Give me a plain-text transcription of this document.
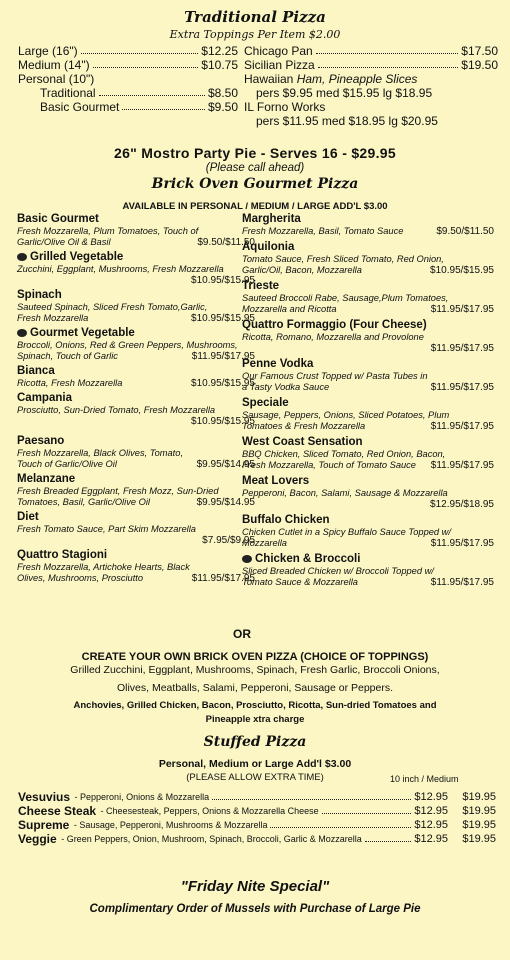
Traditional Pizza
Extra Toppings Per Item $2.00
Large (16")	$12.25
Medium (14")	$10.75
Personal (10")
Traditional	$8.50
Basic Gourmet	$9.50
Chicago Pan	$17.50
Sicilian Pizza	$19.50
Hawaiian Ham, Pineapple Slices
pers $9.95 med $15.95 lg $18.95
IL Forno Works
pers $11.95 med $18.95 lg $20.95
26" Mostro Party Pie - Serves 16 - $29.95
(Please call ahead)
Brick Oven Gourmet Pizza
AVAILABLE IN PERSONAL / MEDIUM / LARGE ADD'L $3.00
Basic Gourmet
Fresh Mozzarella, Plum Tomatoes, Touch of
Garlic/Olive Oil & Basil	$9.50/$11.50
Grilled Vegetable
Zucchini, Eggplant, Mushrooms, Fresh Mozzarella
$10.95/$15.95
Spinach
Sauteed Spinach, Sliced Fresh Tomato,Garlic,
Fresh Mozzarella	$10.95/$15.95
Gourmet Vegetable
Broccoli, Onions, Red & Green Peppers, Mushrooms,
Spinach, Touch of Garlic	$11.95/$17.95
Bianca
Ricotta, Fresh Mozzarella	$10.95/$15.95
Campania
Prosciutto, Sun-Dried Tomato, Fresh Mozzarella
$10.95/$15.95
Paesano
Fresh Mozzarella, Black Olives, Tomato,
Touch of Garlic/Olive Oil	$9.95/$14.95
Melanzane
Fresh Breaded Eggplant, Fresh Mozz, Sun-Dried
Tomatoes, Basil, Garlic/Olive Oil	$9.95/$14.95
Diet
Fresh Tomato Sauce, Part Skim Mozzarella
$7.95/$9.95
Quattro Stagioni
Fresh Mozzarella, Artichoke Hearts, Black
Olives, Mushrooms, Prosciutto	$11.95/$17.95
Margherita
Fresh Mozzarella, Basil, Tomato Sauce	$9.50/$11.50
Aquilonia
Tomato Sauce, Fresh Sliced Tomato, Red Onion,
Garlic/Oil, Bacon, Mozzarella	$10.95/$15.95
Trieste
Sauteed Broccoli Rabe, Sausage,Plum Tomatoes,
Mozzarella and Ricotta	$11.95/$17.95
Quattro Formaggio (Four Cheese)
Ricotta, Romano, Mozzarella and Provolone
$11.95/$17.95
Penne Vodka
Our Famous Crust Topped w/ Pasta Tubes in
a Tasty Vodka Sauce	$11.95/$17.95
Speciale
Sausage, Peppers, Onions, Sliced Potatoes, Plum
Tomatoes & Fresh Mozzarella	$11.95/$17.95
West Coast Sensation
BBQ Chicken, Sliced Tomato, Red Onion, Bacon,
Fresh Mozzarella, Touch of Tomato Sauce $11.95/$17.95
Meat Lovers
Pepperoni, Bacon, Salami, Sausage & Mozzarella
$12.95/$18.95
Buffalo Chicken
Chicken Cutlet in a Spicy Buffalo Sauce Topped w/
Mozzarella	$11.95/$17.95
Chicken & Broccoli
Sliced Breaded Chicken w/ Broccoli Topped w/
Tomato Sauce & Mozzarella	$11.95/$17.95
OR
CREATE YOUR OWN BRICK OVEN PIZZA (CHOICE OF TOPPINGS)
Grilled Zucchini, Eggplant, Mushrooms, Spinach, Fresh Garlic, Broccoli Onions,
Olives, Meatballs, Salami, Pepperoni, Sausage or Peppers.
Anchovies, Grilled Chicken, Bacon, Prosciutto, Ricotta, Sun-dried Tomatoes and
Pineapple xtra charge
Stuffed Pizza
Personal, Medium or Large Add'l $3.00
(PLEASE ALLOW EXTRA TIME)	10 inch / Medium
Vesuvius - Pepperoni, Onions & Mozzarella	$12.95	$19.95
Cheese Steak - Cheesesteak, Peppers, Onions & Mozzarella Cheese	$12.95	$19.95
Supreme - Sausage, Pepperoni, Mushrooms & Mozzarella	$12.95	$19.95
Veggie - Green Peppers, Onion, Mushroom, Spinach, Broccoli, Garlic & Mozzarella	$12.95	$19.95
"Friday Nite Special"
Complimentary Order of Mussels with Purchase of Large Pie
